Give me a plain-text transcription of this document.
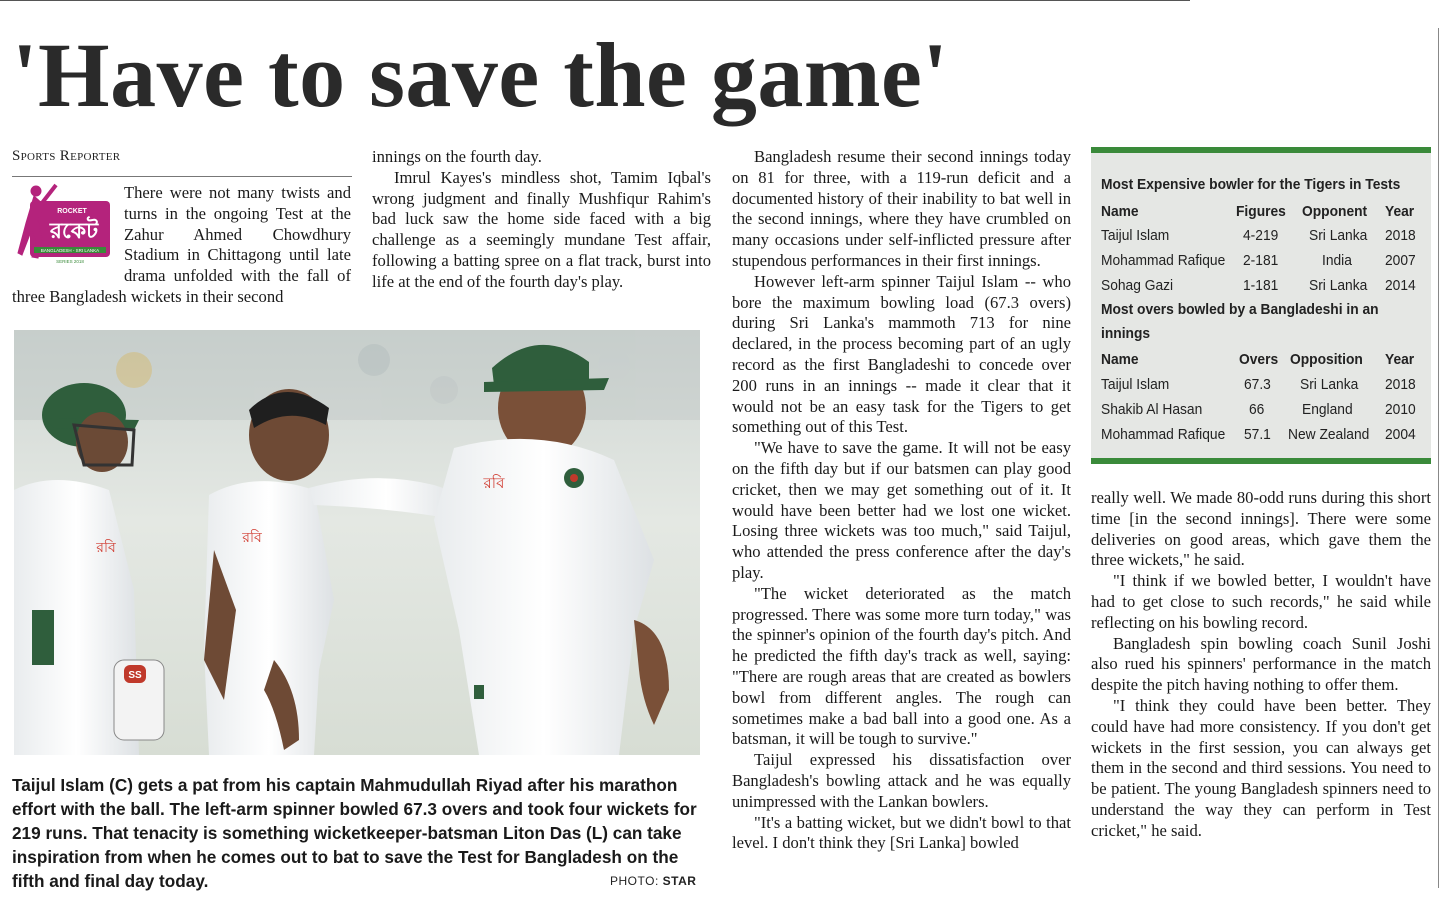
'Have to save the game'
Sports Reporter
ROCKET
রকেট
BANGLADESH - SRI LANKA
SERIES 2018

There were not many twists and turns in the ongoing Test at the Zahur Ahmed Chowdhury Stadium in Chittagong until late drama unfolded with the fall of three Bangladesh wickets in their second

innings on the fourth day.

Imrul Kayes's mindless shot, Tamim Iqbal's wrong judgment and finally Mushfiqur Rahim's bad luck saw the home side faced with a big challenge as a seemingly mundane Test affair, following a batting spree on a flat track, burst into life at the end of the fourth day's play.

SS
রবি
রবি
রবি

Taijul Islam (C) gets a pat from his captain Mahmudullah Riyad after his marathon effort with the ball. The left-arm spinner bowled 67.3 overs and took four wickets for 219 runs. That tenacity is something wicketkeeper-batsman Liton Das (L) can take inspiration from when he comes out to bat to save the Test for Bangladesh on the fifth and final day today.	PHOTO: STAR

Bangladesh resume their second innings today on 81 for three, with a 119-run deficit and a documented history of their inability to bat well in the second innings, where they have crumbled on many occasions under self-inflicted pressure after stupendous performances in their first innings.

However left-arm spinner Taijul Islam -- who bore the maximum bowling load (67.3 overs) during Sri Lanka's mammoth 713 for nine declared, in the process becoming part of an ugly record as the first Bangladeshi to concede over 200 runs in an innings -- made it clear that it would not be an easy task for the Tigers to get something out of this Test.

"We have to save the game. It will not be easy on the fifth day but if our batsmen can play good cricket, then we may get something out of it. It would have been better had we lost one wicket. Losing three wickets was too much," said Taijul, who attended the press conference after the day's play.

"The wicket deteriorated as the match progressed. There was some more turn today," was the spinner's opinion of the fourth day's pitch. And he predicted the fifth day's track as well, saying: "There are rough areas that are created as bowlers bowl from different angles. The rough can sometimes make a bad ball into a good one. As a batsman, it will be tough to survive."

Taijul expressed his dissatisfaction over Bangladesh's bowling attack and he was equally unimpressed with the Lankan bowlers.

"It's a batting wicket, but we didn't bowl to that level. I don't think they [Sri Lanka] bowled

Most Expensive bowler for the Tigers in Tests
Name	Figures Opponent Year
Taijul Islam	4-219 Sri Lanka 2018
Mohammad Rafique 2-181	India 2007
Sohag Gazi	1-181 Sri Lanka 2014
Most overs bowled by a Bangladeshi in an
innings
Name	Overs Opposition Year
Taijul Islam	67.3 Sri Lanka 2018
Shakib Al Hasan	66	England 2010
Mohammad Rafique 57.1 New Zealand 2004

really well. We made 80-odd runs during this short time [in the second innings]. There were some deliveries on good areas, which gave them the three wickets," he said.

"I think if we bowled better, I wouldn't have had to get close to such records," he said while reflecting on his bowling record.

Bangladesh spin bowling coach Sunil Joshi also rued his spinners' performance in the match despite the pitch having nothing to offer them.

"I think they could have been better. They could have had more consistency. If you don't get wickets in the first session, you can always get them in the second and third sessions. You need to be patient. The young Bangladesh spinners need to understand the way they can perform in Test cricket," he said.
